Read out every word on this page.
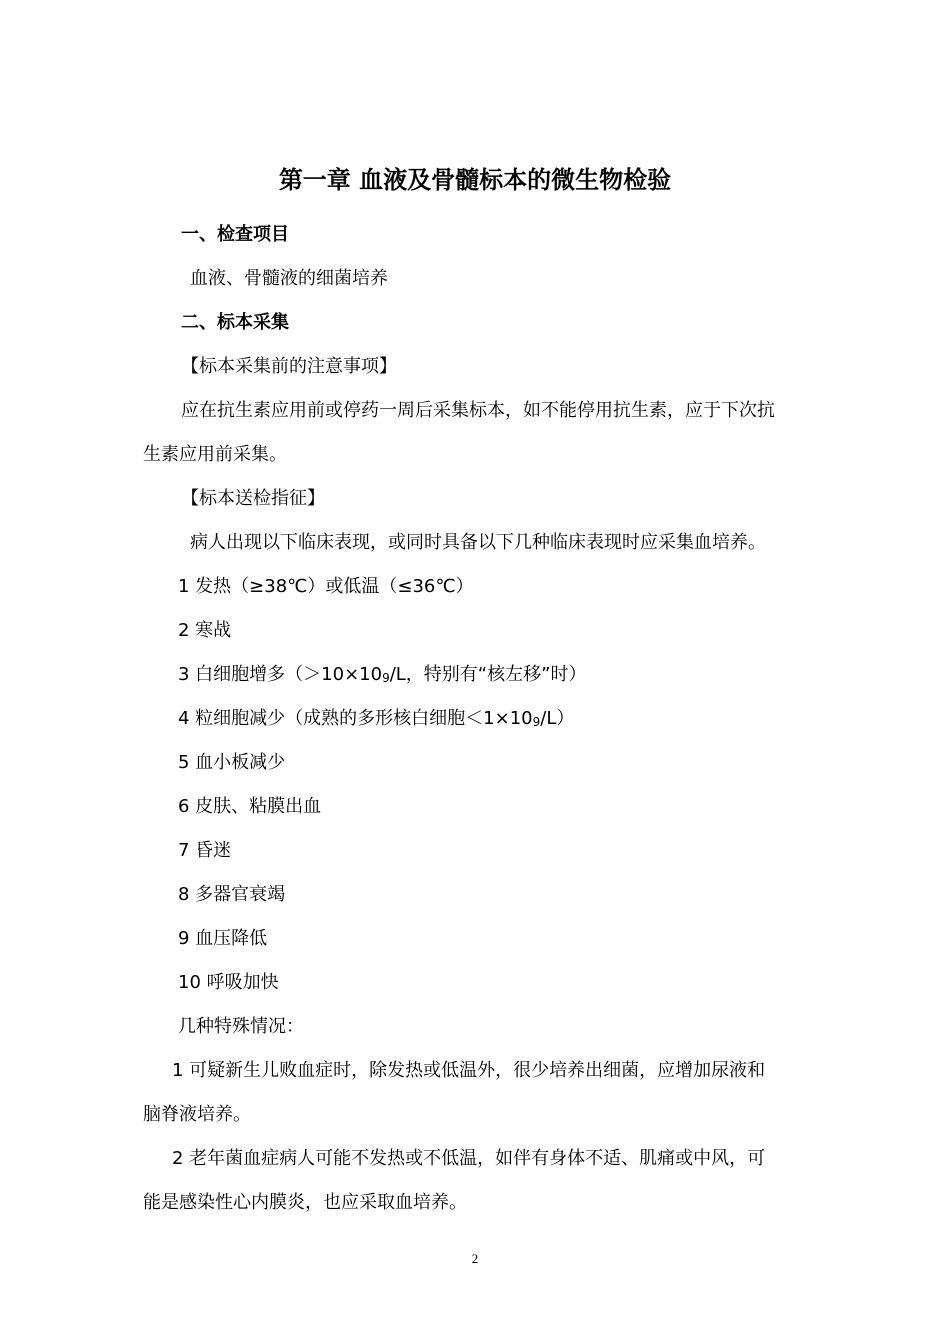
第一章 血液及骨髓标本的微生物检验
一、检查项目
血液、骨髓液的细菌培养
二、标本采集
【标本采集前的注意事项】
应在抗生素应用前或停药一周后采集标本，如不能停用抗生素，应于下次抗
生素应用前采集。
【标本送检指征】
病人出现以下临床表现，或同时具备以下几种临床表现时应采集血培养。
1 发热（≥38℃）或低温（≤36℃）
2 寒战
3 白细胞增多（$>10\times 10_9/L$，特别有“核左移”时）
4 粒细胞减少（成熟的多形核白细胞$<1\times 10_9/L$）
5 血小板减少
6 皮肤、粘膜出血
7 昏迷
8 多器官衰竭
9 血压降低
10 呼吸加快
几种特殊情况：
1 可疑新生儿败血症时，除发热或低温外，很少培养出细菌，应增加尿液和
脑脊液培养。
2 老年菌血症病人可能不发热或不低温，如伴有身体不适、肌痛或中风，可
能是感染性心内膜炎，也应采取血培养。
2
